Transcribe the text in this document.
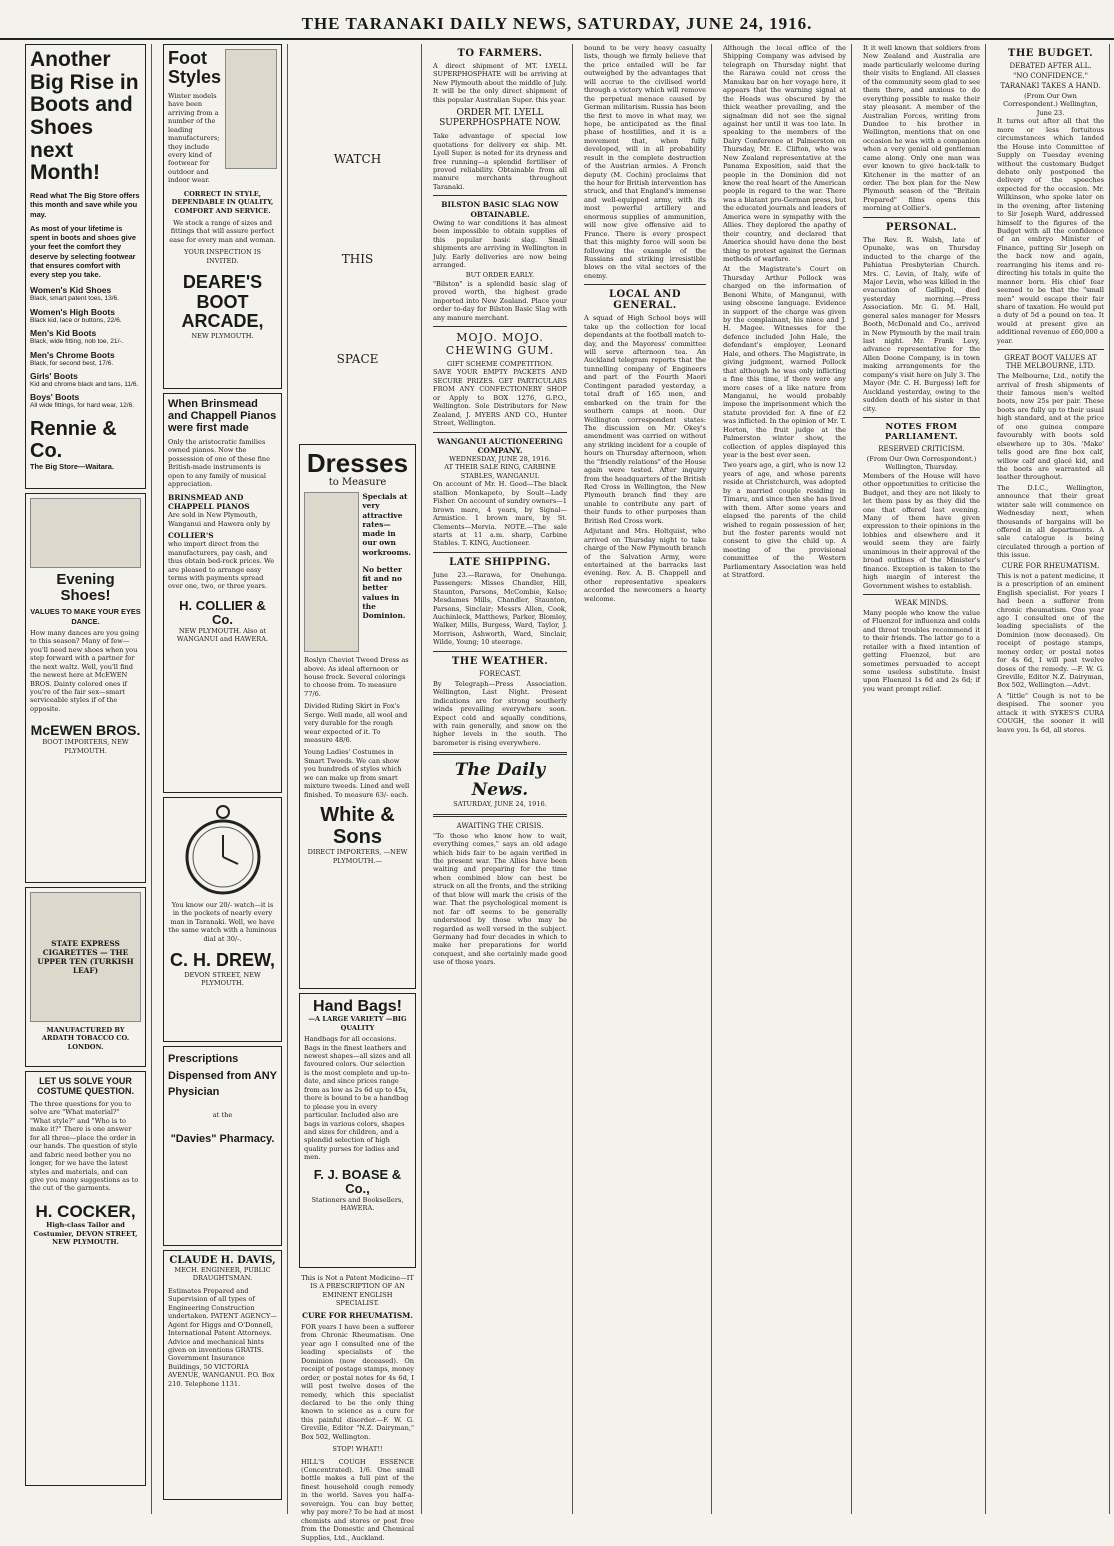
THE TARANAKI DAILY NEWS, SATURDAY, JUNE 24, 1916.
Another Big Rise in Boots and Shoes next Month!
Read what The Big Store offers this month and save while you may.
As most of your lifetime is spent in boots and shoes give your feet the comfort they deserve by selecting footwear that ensures comfort with every step you take.
Women's Kid Shoes
Black, smart patent toes, 13/6.
Women's High Boots
Black kid, lace or buttons, 22/6.
Men's Kid Boots
Black, wide fitting, nob toe, 21/-.
Men's Chrome Boots
Black, for second best, 17/6.
Girls' Boots
Kid and chrome black and tans, 11/6.
Boys' Boots
All wide fittings, for hard wear, 12/6.
Rennie & Co.
The Big Store—Waitara.
Evening Shoes!
VALUES TO MAKE YOUR EYES DANCE.
How many dances are you going to this season? Many of few—you'll need new shoes when you step forward with a partner for the next waltz. Well, you'll find the newest here at McEWEN BROS. Dainty colored ones if you're of the fair sex—smart serviceable styles if of the opposite.
McEWEN BROS.
BOOT IMPORTERS, NEW PLYMOUTH.
STATE EXPRESS CIGARETTES — THE UPPER TEN (TURKISH LEAF)
MANUFACTURED BY ARDATH TOBACCO CO. LONDON.
LET US SOLVE YOUR COSTUME QUESTION.
The three questions for you to solve are "What material?" "What style?" and "Who is to make it?" There is one answer for all three—place the order in our hands. The question of style and fabric need bother you no longer, for we have the latest styles and materials, and can give you many suggestions as to the cut of the garments.
H. COCKER,
High-class Tailor and Costumier, DEVON STREET, NEW PLYMOUTH.
Foot Styles
Winter models have been arriving from a number of the leading manufacturers; they include every kind of footwear for outdoor and indoor wear.
CORRECT IN STYLE, DEPENDABLE IN QUALITY, COMFORT AND SERVICE.
We stock a range of sizes and fittings that will assure perfect ease for every man and woman.
YOUR INSPECTION IS INVITED.
DEARE'S BOOT ARCADE,
NEW PLYMOUTH.
When Brinsmead and Chappell Pianos were first made
Only the aristocratic families owned pianos. Now the possession of one of these fine British-made instruments is open to any family of musical appreciation.
BRINSMEAD AND CHAPPELL PIANOS
Are sold in New Plymouth, Wanganui and Hawera only by
COLLIER'S
who import direct from the manufacturers, pay cash, and thus obtain bed-rock prices. We are pleased to arrange easy terms with payments spread over one, two, or three years.
H. COLLIER & Co.
NEW PLYMOUTH. Also at WANGANUI and HAWERA.
You know our 20/- watch—it is in the pockets of nearly every man in Taranaki. Well, we have the same watch with a luminous dial at 30/-.
C. H. DREW,
DEVON STREET, NEW PLYMOUTH.
Prescriptions Dispensed from ANY Physician
at the
"Davies" Pharmacy.
CLAUDE H. DAVIS,
MECH. ENGINEER, PUBLIC DRAUGHTSMAN.
Estimates Prepared and Supervision of all types of Engineering Construction undertaken. PATENT AGENCY—Agent for Higgs and O'Donnell, International Patent Attorneys. Advice and mechanical hints given on inventions GRATIS. Government Insurance Buildings, 50 VICTORIA AVENUE, WANGANUI. P.O. Box 210. Telephone 1131.
WATCH
THIS
SPACE
Dresses
to Measure
Specials at very attractive rates—made in our own workrooms.
No better fit and no better values in the Dominion.
Roslyn Cheviot Tweed Dress as above. As ideal afternoon or house frock. Several colorings to choose from. To measure 77/6.
Divided Riding Skirt in Fox's Serge. Well made, all wool and very durable for the rough wear expected of it. To measure 48/6.
Young Ladies' Costumes in Smart Tweeds. We can show you hundreds of styles which we can make up from smart mixture tweeds. Lined and well finished. To measure 63/- each.
White & Sons
DIRECT IMPORTERS, —NEW PLYMOUTH.—
Hand Bags!
—A LARGE VARIETY —BIG QUALITY
Handbags for all occasions. Bags in the finest leathers and newest shapes—all sizes and all favoured colors. Our selection is the most complete and up-to-date, and since prices range from as low as 2s 6d up to 45s, there is bound to be a handbag to please you in every particular. Included also are bags in various colors, shapes and sizes for children, and a splendid selection of high quality purses for ladies and men.
F. J. BOASE & Co.,
Stationers and Booksellers, HAWERA.
This is Not a Patent Medicine—IT IS A PRESCRIPTION OF AN EMINENT ENGLISH SPECIALIST.
CURE FOR RHEUMATISM.
FOR years I have been a sufferer from Chronic Rheumatism. One year ago I consulted one of the leading specialists of the Dominion (now deceased). On receipt of postage stamps, money order, or postal notes for 4s 6d, I will post twelve doses of the remedy, which this specialist declared to be the only thing known to science as a cure for this painful disorder.—F. W. G. Greville, Editor "N.Z. Dairyman," Box 502, Wellington.
STOP! WHAT!!
HILL'S COUGH ESSENCE (Concentrated). 1/6. One small bottle makes a full pint of the finest household cough remedy in the world. Saves you half-a-sovereign. You can buy better, why pay more? To be had at most chemists and stores or post free from the Domestic and Chemical Supplies, Ltd., Auckland.
TO FARMERS.
A direct shipment of MT. LYELL SUPERPHOSPHATE will be arriving at New Plymouth about the middle of July. It will be the only direct shipment of this popular Australian Super. this year.
ORDER MT. LYELL SUPERPHOSPHATE NOW.
Take advantage of special low quotations for delivery ex ship. Mt. Lyell Super. is noted for its dryness and free running—a splendid fertiliser of proved reliability. Obtainable from all manure merchants throughout Taranaki.
BILSTON BASIC SLAG NOW OBTAINABLE.
Owing to war conditions it has almost been impossible to obtain supplies of this popular basic slag. Small shipments are arriving in Wellington in July. Early deliveries are now being arranged.
BUT ORDER EARLY.
"Bilston" is a splendid basic slag of proved worth, the highest grade imported into New Zealand. Place your order to-day for Bilston Basic Slag with any manure merchant.
MOJO. MOJO. CHEWING GUM.
GIFT SCHEME COMPETITION.
SAVE YOUR EMPTY PACKETS AND SECURE PRIZES. GET PARTICULARS FROM ANY CONFECTIONERY SHOP or Apply to BOX 1276, G.P.O., Wellington. Sole Distributors for New Zealand, J. MYERS AND CO., Hunter Street, Wellington.
WANGANUI AUCTIONEERING COMPANY.
WEDNESDAY, JUNE 28, 1916.
AT THEIR SALE RING, CARBINE STABLES, WANGANUI.
On account of Mr. H. Good—The black stallion Monkapeto, by Soult—Lady Fisher. On account of sundry owners—1 brown mare, 4 years, by Signal—Armistice. 1 brown mare, by St. Clements—Mervia. NOTE.—The sale starts at 11 a.m. sharp, Carbine Stables. T. KING, Auctioneer.
LATE SHIPPING.
June 23.—Rarawa, for Onehunga. Passengers: Misses Chandler, Hill, Staunton, Parsons, McCombie, Kelso; Mesdames Mills, Chandler, Staunton, Parsons, Sinclair; Messrs Allen, Cook, Auchinleck, Matthews, Parker, Blomley, Walker, Mills, Burgess, Ward, Taylor, J. Morrison, Ashworth, Ward, Sinclair, Wilde, Young; 10 steerage.
THE WEATHER.
FORECAST.
By Telegraph—Press Association. Wellington, Last Night. Present indications are for strong southerly winds prevailing everywhere soon. Expect cold and squally conditions, with rain generally, and snow on the higher levels in the south. The barometer is rising everywhere.
The Daily News.
SATURDAY, JUNE 24, 1916.
AWAITING THE CRISIS.
"To those who know how to wait, everything comes," says an old adage which bids fair to be again verified in the present war. The Allies have been waiting and preparing for the time when combined blow can best be struck on all the fronts, and the striking of that blow will mark the crisis of the war. That the psychological moment is not far off seems to be generally understood by those who may be regarded as well versed in the subject. Germany had four decades in which to make her preparations for world conquest, and she certainly made good use of those years.
bound to be very heavy casualty lists, though we firmly believe that the price entailed will be far outweighed by the advantages that will accrue to the civilised world through a victory which will remove the perpetual menace caused by German militarism. Russia has been the first to move in what may, we hope, be anticipated as the final phase of hostilities, and it is a movement that, when fully developed, will in all probability result in the complete destruction of the Austrian armies. A French deputy (M. Cochin) proclaims that the hour for British intervention has struck, and that England's immense and well-equipped army, with its most powerful artillery and enormous supplies of ammunition, will now give offensive aid to France. There is every prospect that this mighty force will soon be following the example of the Russians and striking irresistible blows on the vital sectors of the enemy.
LOCAL AND GENERAL.
A squad of High School boys will take up the collection for local dependants at the football match to-day, and the Mayoress' committee will serve afternoon tea. An Auckland telegram reports that the tunnelling company of Engineers and part of the Fourth Maori Contingent paraded yesterday, a total draft of 165 men, and embarked on the train for the southern camps at noon. Our Wellington correspondent states: The discussion on Mr. Okey's amendment was carried on without any striking incident for a couple of hours on Thursday afternoon, when the "friendly relations" of the House again were tested. After inquiry from the headquarters of the British Red Cross in Wellington, the New Plymouth branch find they are unable to contribute any part of their funds to other purposes than British Red Cross work.
Adjutant and Mrs. Holtquist, who arrived on Thursday night to take charge of the New Plymouth branch of the Salvation Army, were entertained at the barracks last evening. Rev. A. B. Chappell and other representative speakers accorded the newcomers a hearty welcome.
Although the local office of the Shipping Company was advised by telegraph on Thursday night that the Rarawa could not cross the Manukau bar on her voyage here, it appears that the warning signal at the Heads was obscured by the thick weather prevailing, and the signalman did not see the signal against her until it was too late. In speaking to the members of the Dairy Conference at Palmerston on Thursday, Mr. E. Clifton, who was New Zealand representative at the Panama Exposition, said that the people in the Dominion did not know the real heart of the American people in regard to the war. There was a blatant pro-German press, but the educated journals and leaders of America were in sympathy with the Allies. They deplored the apathy of their country, and declared that America should have done the best thing to protest against the German methods of warfare.
At the Magistrate's Court on Thursday Arthur Pollock was charged on the information of Benoni White, of Manganui, with using obscene language. Evidence in support of the charge was given by the complainant, his niece and J. H. Magee. Witnesses for the defence included John Hale, the defendant's employer, Leonard Hale, and others. The Magistrate, in giving judgment, warned Pollock that although he was only inflicting a fine this time, if there were any more cases of a like nature from Manganui, he would probably impose the imprisonment which the statute provided for. A fine of £2 was inflicted. In the opinion of Mr. T. Horton, the fruit judge at the Palmerston winter show, the collection of apples displayed this year is the best ever seen.
Two years ago, a girl, who is now 12 years of age, and whose parents reside at Christchurch, was adopted by a married couple residing in Timaru, and since then she has lived with them. After some years and elapsed the parents of the child wished to regain possession of her, but the foster parents would not consent to give the child up. A meeting of the provisional committee of the Western Parliamentary Association was held at Stratford.
It it well known that soldiers from New Zealand and Australia are made particularly welcome during their visits to England. All classes of the community seem glad to see them there, and anxious to do everything possible to make their stay pleasant. A member of the Australian Forces, writing from Dundee to his brother in Wellington, mentions that on one occasion he was with a companion when a very genial old gentleman came along. Only one man was ever known to give back-talk to Kitchener in the matter of an order. The box plan for the New Plymouth season of the "Britain Prepared" films opens this morning at Collier's.
PERSONAL.
The Rev. R. Walsh, late of Opunake, was on Thursday inducted to the charge of the Pahiatua Presbyterian Church. Mrs. C. Levin, of Italy, wife of Major Levin, who was killed in the evacuation of Gallipoli, died yesterday morning.—Press Association. Mr. G. M. Hall, general sales manager for Messrs Booth, McDonald and Co., arrived in New Plymouth by the mail train last night. Mr. Frank Levy, advance representative for the Allen Doone Company, is in town making arrangements for the company's visit here on July 3. The Mayor (Mr. C. H. Burgess) left for Auckland yesterday, owing to the sudden death of his sister in that city.
NOTES FROM PARLIAMENT.
RESERVED CRITICISM.
(From Our Own Correspondent.) Wellington, Thursday.
Members of the House will have other opportunities to criticise the Budget, and they are not likely to let them pass by as they did the one that offered last evening. Many of them have given expression to their opinions in the lobbies and elsewhere and it would seem they are fairly unanimous in their approval of the broad outlines of the Minister's finance. Exception is taken to the high margin of interest the Government wishes to establish.
WEAK MINDS.
Many people who know the value of Fluenzol for influenza and colds and throat troubles recommend it to their friends. The latter go to a retailer with a fixed intention of getting Fluenzol, but are sometimes persuaded to accept some useless substitute. Insist upon Fluenzol 1s 6d and 2s 6d; if you want prompt relief.
THE BUDGET.
DEBATED AFTER ALL.
"NO CONFIDENCE."
TARANAKI TAKES A HAND.
(From Our Own Correspondent.) Wellington, June 23.
It turns out after all that the more or less fortuitous circumstances which landed the House into Committee of Supply on Tuesday evening without the customary Budget debate only postponed the delivery of the speeches expected for the occasion. Mr. Wilkinson, who spoke later on in the evening, after listening to Sir Joseph Ward, addressed himself to the figures of the Budget with all the confidence of an embryo Minister of Finance, putting Sir Joseph on the back now and again, rearranging his items and re-directing his totals in quite the manner born. His chief fear seemed to be that the "small men" would escape their fair share of taxation. He would put a duty of 5d a pound on tea. It would at present give an additional revenue of £60,000 a year.
GREAT BOOT VALUES AT THE MELBOURNE, LTD.
The Melbourne, Ltd., notify the arrival of fresh shipments of their famous men's welted boots, now 25s per pair. These boots are fully up to their usual high standard, and at the price of one guinea compare favourably with boots sold elsewhere up to 30s. 'Make' tells good are fine box calf, willow calf and glacé kid, and the boots are warranted all leather throughout.
The D.I.C., Wellington, announce that their great winter sale will commence on Wednesday next, when thousands of bargains will be offered in all departments. A sale catalogue is being circulated through a portion of this issue.
CURE FOR RHEUMATISM.
This is not a patent medicine, it is a prescription of an eminent English specialist. For years I had been a sufferer from chronic rheumatism. One year ago I consulted one of the leading specialists of the Dominion (now deceased). On receipt of postage stamps, money order, or postal notes for 4s 6d, I will post twelve doses of the remedy. —F. W. G. Greville, Editor N.Z. Dairyman, Box 502, Wellington.—Advt.
A "little" Cough is not to be despised. The sooner you attack it with SYKES'S CURA COUGH, the sooner it will leave you. Is 6d, all stores.
